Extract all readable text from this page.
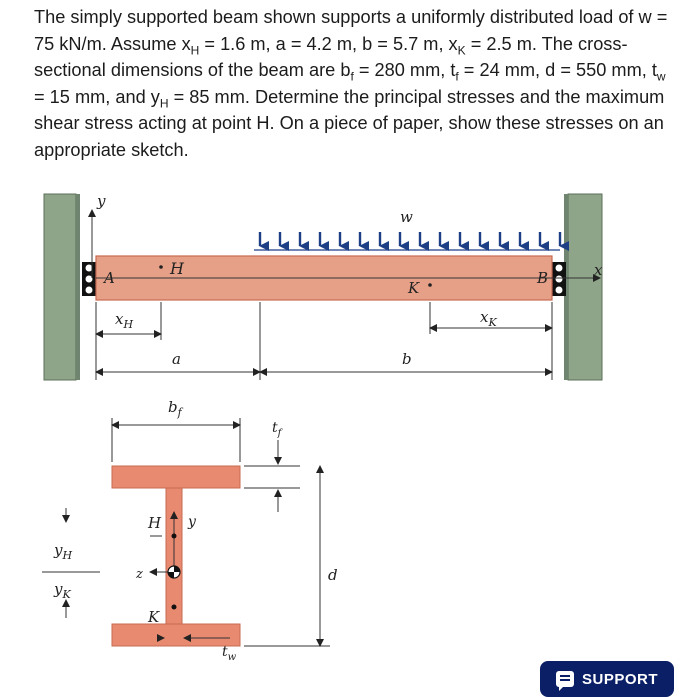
The simply supported beam shown supports a uniformly distributed load of w = 75 kN/m. Assume $x_H = 1.6$ m, a = 4.2 m, b = 5.7 m, $x_K = 2.5$ m. The cross-sectional dimensions of the beam are $b_f = 280$ mm, $t_f = 24$ mm, d = 550 mm, $t_w = 15$ mm, and $y_H = 85$ mm. Determine the principal stresses and the maximum shear stress acting at point H. On a piece of paper, show these stresses on an appropriate sketch.
y
x
w
A	B
H
K
$x_H$	$x_K$
a	b
$b_f$
$t_f$
d
$t_w$
y
z
H
K
$y_H$
$y_K$
SUPPORT
